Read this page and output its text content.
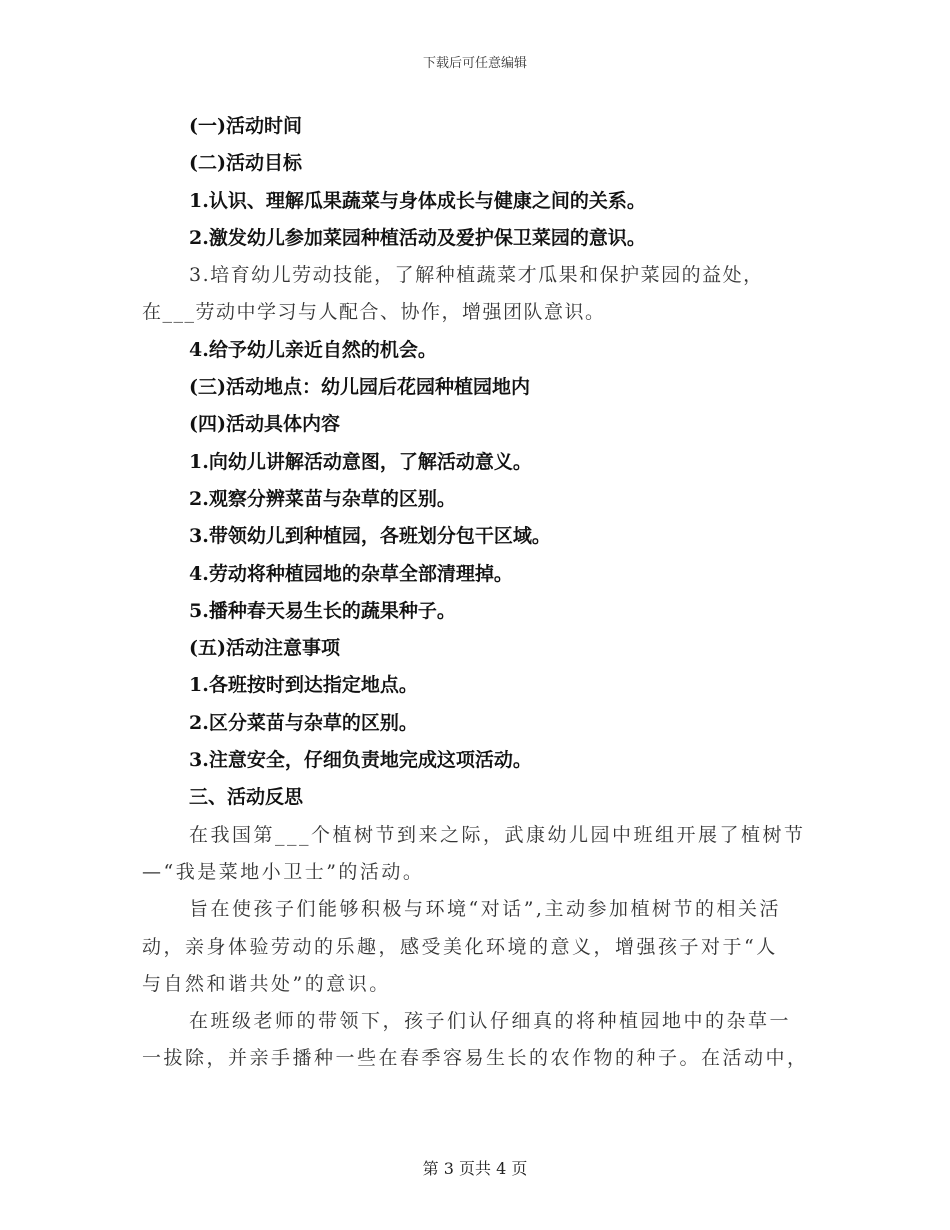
下载后可任意编辑
(一)活动时间
(二)活动目标
1.认识、理解瓜果蔬菜与身体成长与健康之间的关系。
2.激发幼儿参加菜园种植活动及爱护保卫菜园的意识。
3.培育幼儿劳动技能，了解种植蔬菜才瓜果和保护菜园的益处，
在___劳动中学习与人配合、协作，增强团队意识。
4.给予幼儿亲近自然的机会。
(三)活动地点：幼儿园后花园种植园地内
(四)活动具体内容
1.向幼儿讲解活动意图，了解活动意义。
2.观察分辨菜苗与杂草的区别。
3.带领幼儿到种植园，各班划分包干区域。
4.劳动将种植园地的杂草全部清理掉。
5.播种春天易生长的蔬果种子。
(五)活动注意事项
1.各班按时到达指定地点。
2.区分菜苗与杂草的区别。
3.注意安全，仔细负责地完成这项活动。
三、活动反思
在我国第___个植树节到来之际，武康幼儿园中班组开展了植树节
—“我是菜地小卫士”的活动。
旨在使孩子们能够积极与环境“对话”,主动参加植树节的相关活
动，亲身体验劳动的乐趣，感受美化环境的意义，增强孩子对于“人
与自然和谐共处”的意识。
在班级老师的带领下，孩子们认仔细真的将种植园地中的杂草一
一拔除，并亲手播种一些在春季容易生长的农作物的种子。在活动中，
第 3 页共 4 页
